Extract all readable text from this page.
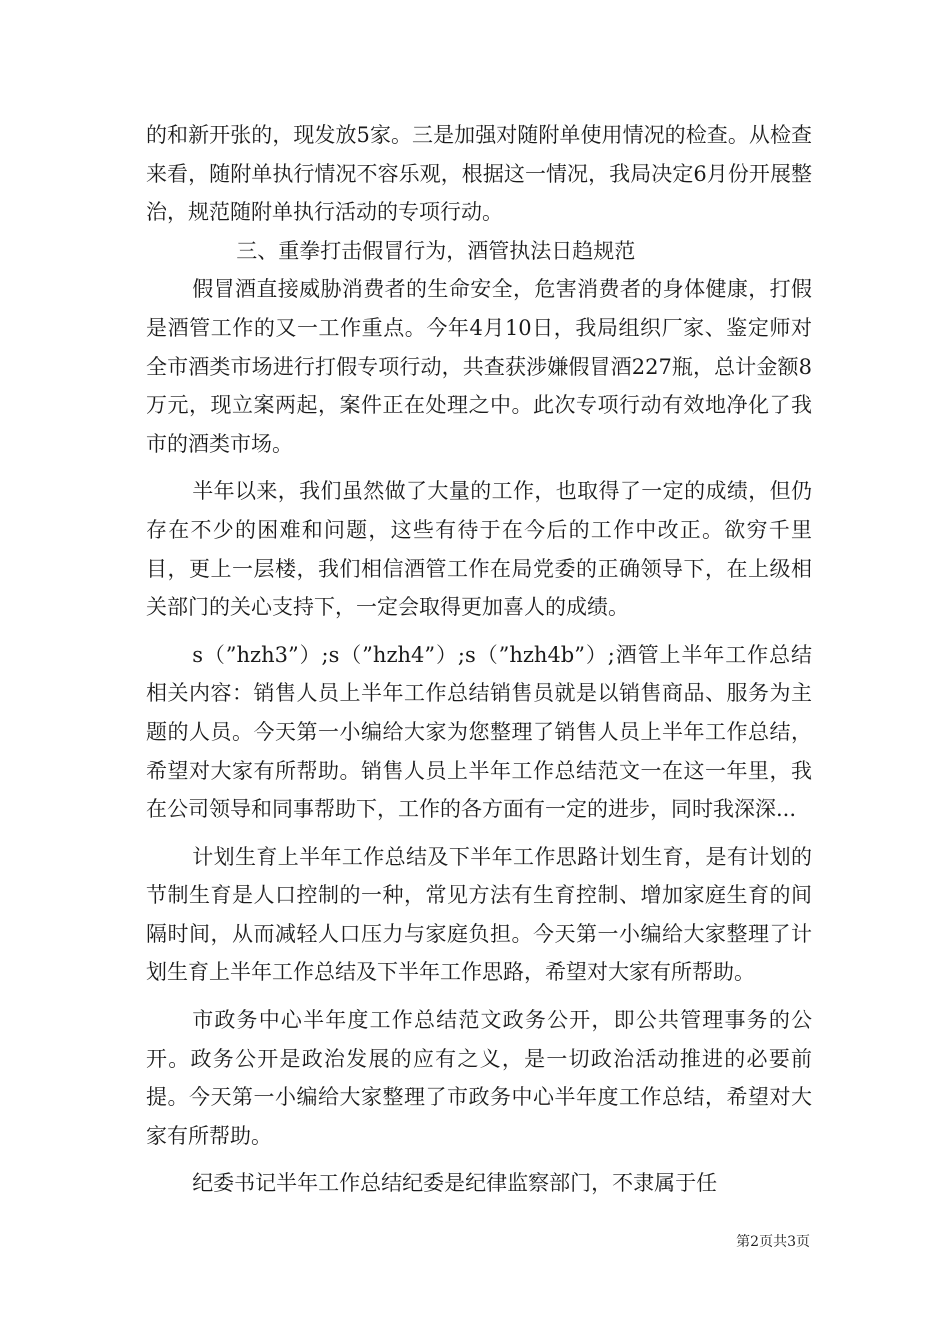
的和新开张的，现发放5家。三是加强对随附单使用情况的检查。从检查来看，随附单执行情况不容乐观，根据这一情况，我局决定6月份开展整治，规范随附单执行活动的专项行动。

三、重拳打击假冒行为，酒管执法日趋规范

假冒酒直接威胁消费者的生命安全，危害消费者的身体健康，打假是酒管工作的又一工作重点。今年4月10日，我局组织厂家、鉴定师对全市酒类市场进行打假专项行动，共查获涉嫌假冒酒227瓶，总计金额8万元，现立案两起，案件正在处理之中。此次专项行动有效地净化了我市的酒类市场。

半年以来，我们虽然做了大量的工作，也取得了一定的成绩，但仍存在不少的困难和问题，这些有待于在今后的工作中改正。欲穷千里目，更上一层楼，我们相信酒管工作在局党委的正确领导下，在上级相关部门的关心支持下，一定会取得更加喜人的成绩。

s（”hzh3”）;s（”hzh4”）;s（”hzh4b”）;酒管上半年工作总结相关内容：销售人员上半年工作总结销售员就是以销售商品、服务为主题的人员。今天第一小编给大家为您整理了销售人员上半年工作总结，希望对大家有所帮助。销售人员上半年工作总结范文一在这一年里，我在公司领导和同事帮助下，工作的各方面有一定的进步，同时我深深...

计划生育上半年工作总结及下半年工作思路计划生育，是有计划的节制生育是人口控制的一种，常见方法有生育控制、增加家庭生育的间隔时间，从而减轻人口压力与家庭负担。今天第一小编给大家整理了计划生育上半年工作总结及下半年工作思路，希望对大家有所帮助。

市政务中心半年度工作总结范文政务公开，即公共管理事务的公开。政务公开是政治发展的应有之义，是一切政治活动推进的必要前提。今天第一小编给大家整理了市政务中心半年度工作总结，希望对大家有所帮助。

纪委书记半年工作总结纪委是纪律监察部门，不隶属于任

第2页共3页
